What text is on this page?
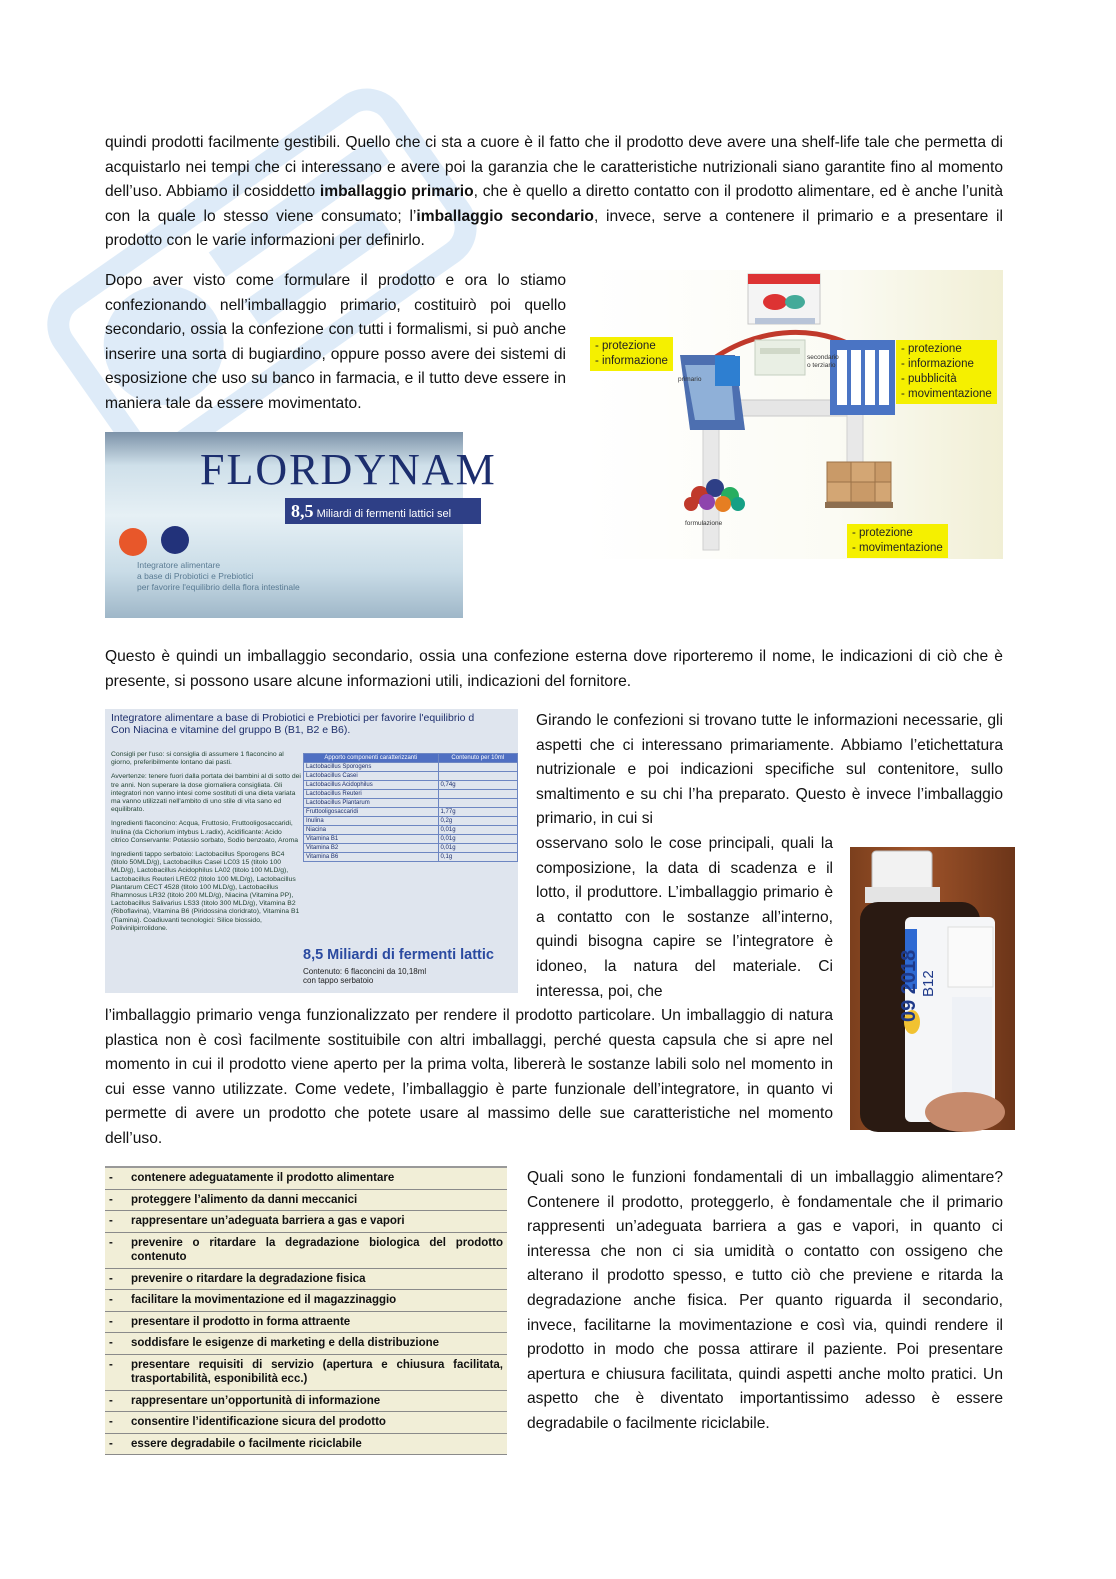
quindi prodotti facilmente gestibili. Quello che ci sta a cuore è il fatto che il prodotto deve avere una shelf-life tale che permetta di acquistarlo nei tempi che ci interessano e avere poi la garanzia che le caratteristiche nutrizionali siano garantite fino al momento dell’uso. Abbiamo il cosiddetto imballaggio primario, che è quello a diretto contatto con il prodotto alimentare, ed è anche l’unità con la quale lo stesso viene consumato; l’imballaggio secondario, invece, serve a contenere il primario e a presentare il prodotto con le varie informazioni per definirlo.

Dopo aver visto come formulare il prodotto e ora lo stiamo confezionando nell’imballaggio primario, costituirò poi quello secondario, ossia la confezione con tutti i formalismi, si può anche inserire una sorta di bugiardino, oppure posso avere dei sistemi di esposizione che uso su banco in farmacia, e il tutto deve essere in maniera tale da essere movimentato.

- protezione
- informazione
- protezione
- informazione
- pubblicità
- movimentazione
- protezione
- movimentazione
primario
secondario
o terziario
formulazione
FLORDYNAM
8,5 Miliardi di fermenti lattici sel
Integratore alimentare
a base di Probiotici e Prebiotici
per favorire l'equilibrio della flora intestinale

Questo è quindi un imballaggio secondario, ossia una confezione esterna dove riporteremo il nome, le indicazioni di ciò che è presente, si possono usare alcune informazioni utili, indicazioni del fornitore.

Integratore alimentare a base di Probiotici e Prebiotici per favorire l'equilibrio d
Con Niacina e vitamine del gruppo B (B1, B2 e B6).
Consigli per l'uso: si consiglia di assumere 1 flaconcino al giorno, preferibilmente lontano dai pasti.
Avvertenze: tenere fuori dalla portata dei bambini al di sotto dei tre anni. Non superare la dose giornaliera consigliata. Gli integratori non vanno intesi come sostituti di una dieta variata ma vanno utilizzati nell'ambito di uno stile di vita sano ed equilibrato.
Ingredienti flaconcino: Acqua, Fruttosio, Fruttooligosaccaridi, Inulina (da Cichorium intybus L.radix), Acidificante: Acido citrico Conservante: Potassio sorbato, Sodio benzoato, Aroma
Ingredienti tappo serbatoio: Lactobacillus Sporogens BC4 (titolo 50MLD/g), Lactobacillus Casei LC03 15 (titolo 100 MLD/g), Lactobacillus Acidophilus LA02 (titolo 100 MLD/g), Lactobacillus Reuteri LRE02 (titolo 100 MLD/g), Lactobacillus Plantarum CECT 4528 (titolo 100 MLD/g), Lactobacillus Rhamnosus LR32 (titolo 200 MLD/g), Niacina (Vitamina PP), Lactobacillus Salivarius LS33 (titolo 300 MLD/g), Vitamina B2 (Riboflavina), Vitamina B6 (Piridossina cloridrato), Vitamina B1 (Tiamina). Coadiuvanti tecnologici: Silice biossido, Polivinilpirrolidone.
Apporto componenti caratterizzanti	Contenuto per 10ml
Lactobacillus Sporogens	
Lactobacillus Casei	
Lactobacillus Acidophilus	0,74g
Lactobacillus Reuteri	
Lactobacillus Plantarum	
Fruttooligosaccaridi	1,77g
Inulina	0,2g
Niacina	0,01g
Vitamina B1	0,01g
Vitamina B2	0,01g
Vitamina B6	0,1g
8,5 Miliardi di fermenti lattic
Contenuto: 6 flaconcini da 10,18ml
con tappo serbatoio

Girando le confezioni si trovano tutte le informazioni necessarie, gli aspetti che ci interessano primariamente. Abbiamo l’etichettatura nutrizionale e poi indicazioni specifiche sul contenitore, sullo smaltimento e su chi l’ha preparato. Questo è invece l’imballaggio primario, in cui si

osservano solo le cose principali, quali la composizione, la data di scadenza e il lotto, il produttore. L’imballaggio primario è a contatto con le sostanze all’interno, quindi bisogna capire se l’integratore è idoneo, la natura del materiale. Ci interessa, poi, che

l’imballaggio primario venga funzionalizzato per rendere il prodotto particolare. Un imballaggio di natura plastica non è così facilmente sostituibile con altri imballaggi, perché questa capsula che si apre nel momento in cui il prodotto viene aperto per la prima volta, libererà le sostanze labili solo nel momento in cui esse vanno utilizzate. Come vedete, l’imballaggio è parte funzionale dell’integratore, in quanto vi permette di avere un prodotto che potete usare al massimo delle sue caratteristiche nel momento dell’uso.

09 2018 B12
-	contenere adeguatamente il prodotto alimentare
-	proteggere l’alimento da danni meccanici
-	rappresentare un’adeguata barriera a gas e vapori
-	prevenire o ritardare la degradazione biologica del prodotto contenuto
-	prevenire o ritardare la degradazione fisica
-	facilitare la movimentazione ed il magazzinaggio
-	presentare il prodotto in forma attraente
-	soddisfare le esigenze di marketing e della distribuzione
-	presentare requisiti di servizio (apertura e chiusura facilitata, trasportabilità, esponibilità ecc.)
-	rappresentare un’opportunità di informazione
-	consentire l’identificazione sicura del prodotto
-	essere degradabile o facilmente riciclabile

Quali sono le funzioni fondamentali di un imballaggio alimentare? Contenere il prodotto, proteggerlo, è fondamentale che il primario rappresenti un’adeguata barriera a gas e vapori, in quanto ci interessa che non ci sia umidità o contatto con ossigeno che alterano il prodotto spesso, e tutto ciò che previene e ritarda la degradazione anche fisica. Per quanto riguarda il secondario, invece, facilitarne la movimentazione e così via, quindi rendere il prodotto in modo che possa attirare il paziente. Poi presentare apertura e chiusura facilitata, quindi aspetti anche molto pratici. Un aspetto che è diventato importantissimo adesso è essere degradabile o facilmente riciclabile.
